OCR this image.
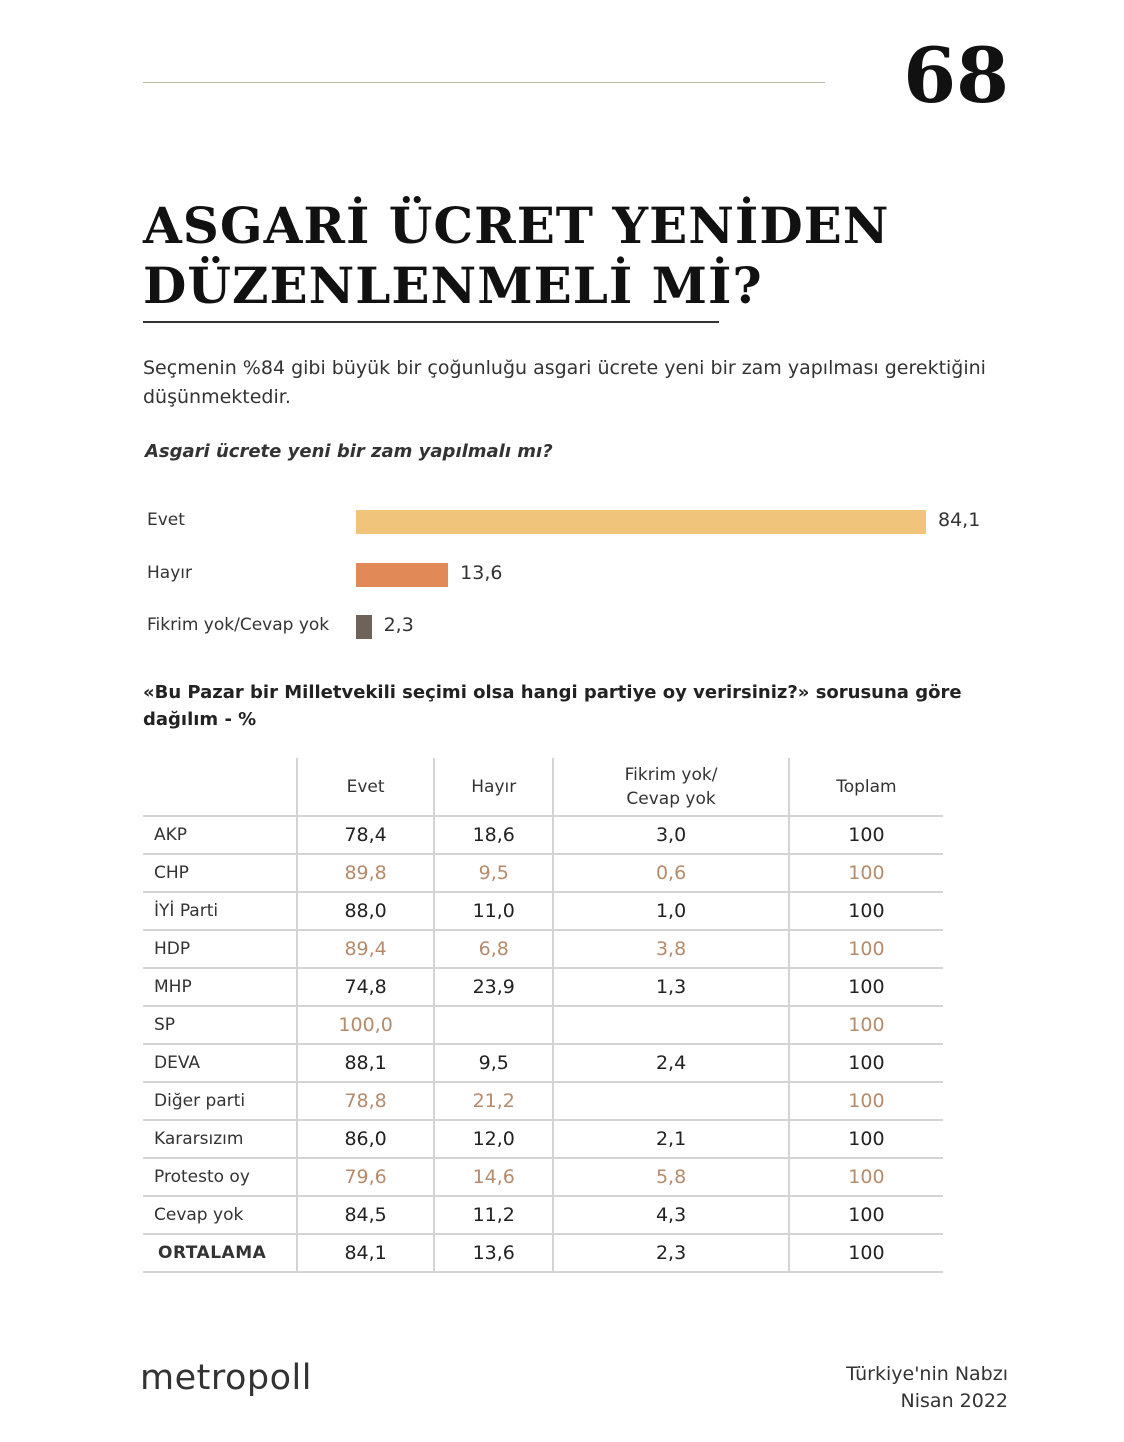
68
ASGARİ ÜCRET YENİDEN
DÜZENLENMELİ Mİ?
Seçmenin %84 gibi büyük bir çoğunluğu asgari ücrete yeni bir zam yapılması gerektiğini düşünmektedir.
Asgari ücrete yeni bir zam yapılmalı mı?
Evet	84,1
Hayır	13,6
Fikrim yok/Cevap yok	2,3
«Bu Pazar bir Milletvekili seçimi olsa hangi partiye oy verirsiniz?» sorusuna göre dağılım - %
	Evet	Hayır	Fikrim yok/
Cevap yok	Toplam
AKP	78,4	18,6	3,0	100
CHP	89,8	9,5	0,6	100
İYİ Parti	88,0	11,0	1,0	100
HDP	89,4	6,8	3,8	100
MHP	74,8	23,9	1,3	100
SP	100,0			100
DEVA	88,1	9,5	2,4	100
Diğer parti	78,8	21,2		100
Kararsızım	86,0	12,0	2,1	100
Protesto oy	79,6	14,6	5,8	100
Cevap yok	84,5	11,2	4,3	100
ORTALAMA	84,1	13,6	2,3	100
metropoll	Türkiye'nin Nabzı
Nisan 2022
